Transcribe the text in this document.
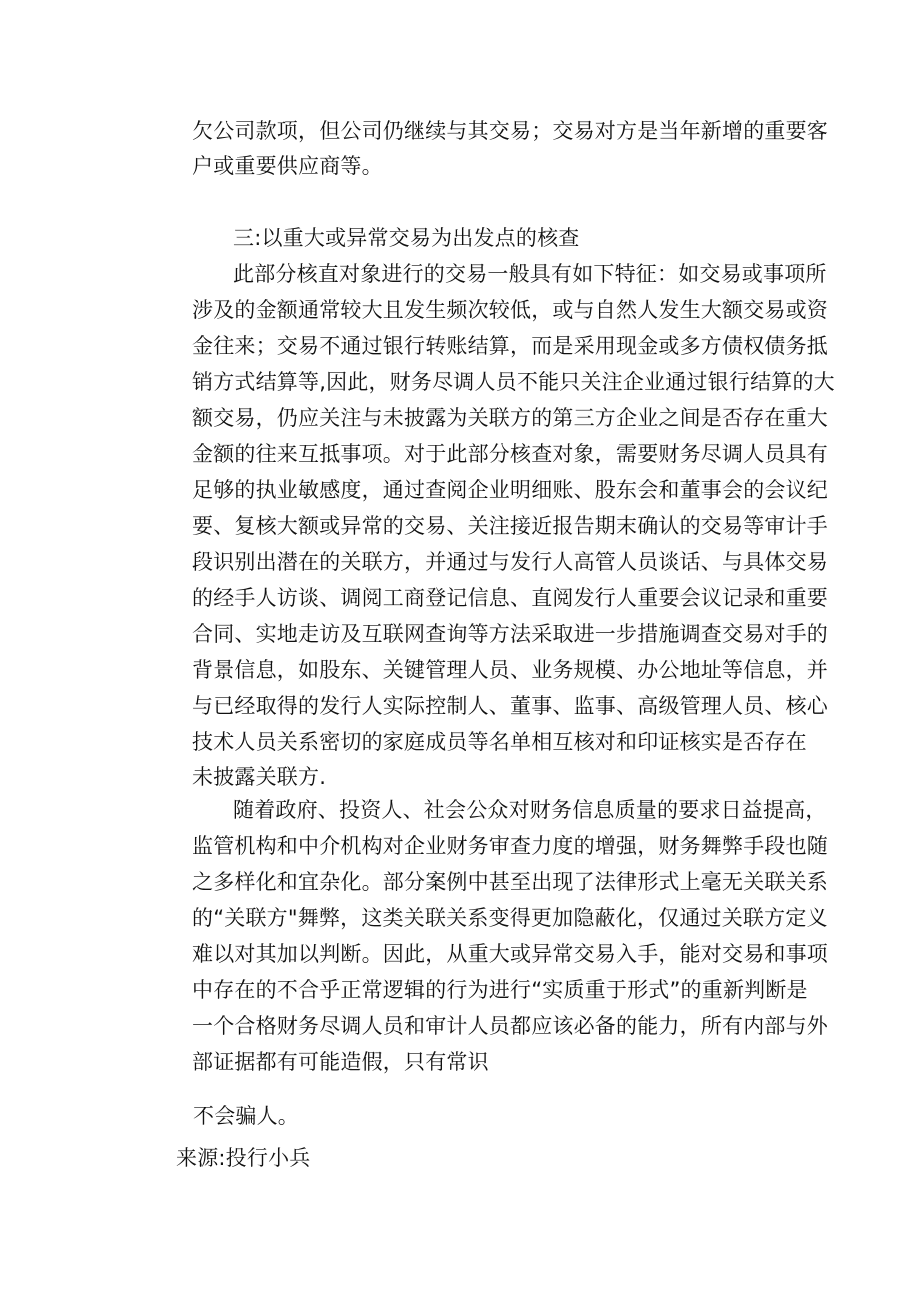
欠公司款项，但公司仍继续与其交易；交易对方是当年新增的重要客
户或重要供应商等。
三:以重大或异常交易为出发点的核查
此部分核直对象进行的交易一般具有如下特征：如交易或事项所
涉及的金额通常较大且发生频次较低，或与自然人发生大额交易或资
金往来；交易不通过银行转账结算，而是采用现金或多方债权债务抵
销方式结算等,因此，财务尽调人员不能只关注企业通过银行结算的大
额交易，仍应关注与未披露为关联方的第三方企业之间是否存在重大
金额的往来互抵事项。对于此部分核查对象，需要财务尽调人员具有
足够的执业敏感度，通过查阅企业明细账、股东会和董事会的会议纪
要、复核大额或异常的交易、关注接近报告期末确认的交易等审计手
段识别出潜在的关联方，并通过与发行人高管人员谈话、与具体交易
的经手人访谈、调阅工商登记信息、直阅发行人重要会议记录和重要
合同、实地走访及互联网查询等方法采取进一步措施调查交易对手的
背景信息，如股东、关键管理人员、业务规模、办公地址等信息，并
与已经取得的发行人实际控制人、董事、监事、高级管理人员、核心
技术人员关系密切的家庭成员等名单相互核对和印证核实是否存在
未披露关联方.
随着政府、投资人、社会公众对财务信息质量的要求日益提高，
监管机构和中介机构对企业财务审查力度的增强，财务舞弊手段也随
之多样化和宜杂化。部分案例中甚至出现了法律形式上毫无关联关系
的“关联方"舞弊，这类关联关系变得更加隐蔽化，仅通过关联方定义
难以对其加以判断。因此，从重大或异常交易入手，能对交易和事项
中存在的不合乎正常逻辑的行为进行“实质重于形式”的重新判断是
一个合格财务尽调人员和审计人员都应该必备的能力，所有内部与外
部证据都有可能造假，只有常识
不会骗人。
来源:投行小兵
